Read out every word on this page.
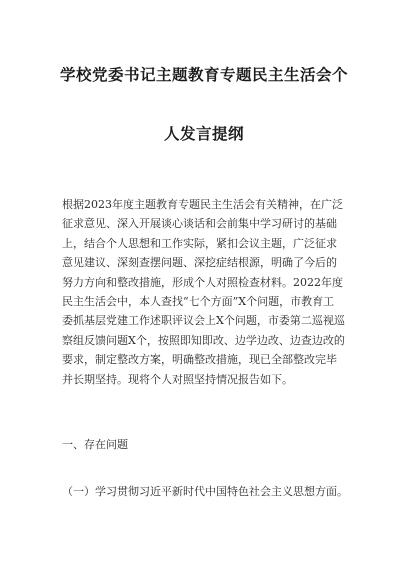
学校党委书记主题教育专题民主生活会个
人发言提纲
根据2023年度主题教育专题民主生活会有关精神，在广泛
征求意见、深入开展谈心谈话和会前集中学习研讨的基础
上，结合个人思想和工作实际，紧扣会议主题，广泛征求
意见建议、深刻查摆问题、深挖症结根源，明确了今后的
努力方向和整改措施，形成个人对照检查材料。2022年度
民主生活会中，本人查找“七个方面”X个问题，市教育工
委抓基层党建工作述职评议会上X个问题，市委第二巡视巡
察组反馈问题X个，按照即知即改、边学边改、边查边改的
要求，制定整改方案，明确整改措施，现已全部整改完毕
并长期坚持。现将个人对照坚持情况报告如下。
一、存在问题
（一）学习贯彻习近平新时代中国特色社会主义思想方面。
